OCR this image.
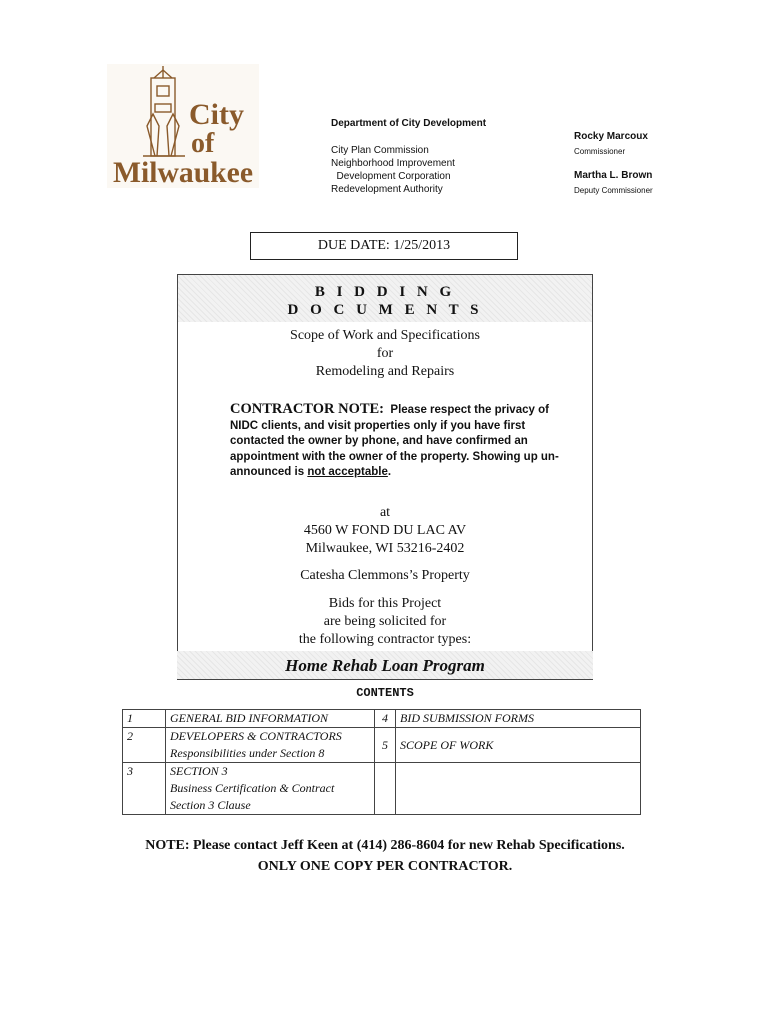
City
of
Milwaukee
Department of City Development
City Plan Commission
Neighborhood Improvement
Development Corporation
Redevelopment Authority
Rocky Marcoux
Commissioner
Martha L. Brown
Deputy Commissioner
DUE DATE: 1/25/2013
B I D D I N G
D O C U M E N T S
Scope of Work and Specifications
for
Remodeling and Repairs
CONTRACTOR NOTE: Please respect the privacy of NIDC clients, and visit properties only if you have first contacted the owner by phone, and have confirmed an appointment with the owner of the property. Showing up un-announced is not acceptable.
at
4560 W FOND DU LAC AV
Milwaukee, WI 53216-2402
Catesha Clemmons’s Property
Bids for this Project
are being solicited for
the following contractor types:
Home Rehab Loan Program
CONTENTS
1	GENERAL BID INFORMATION	4	BID SUBMISSION FORMS
2	DEVELOPERS & CONTRACTORS
Responsibilities under Section 8	5	SCOPE OF WORK
3	SECTION 3
Business Certification & Contract
Section 3 Clause		

NOTE: Please contact Jeff Keen at (414) 286-8604 for new Rehab Specifications.
ONLY ONE COPY PER CONTRACTOR.
